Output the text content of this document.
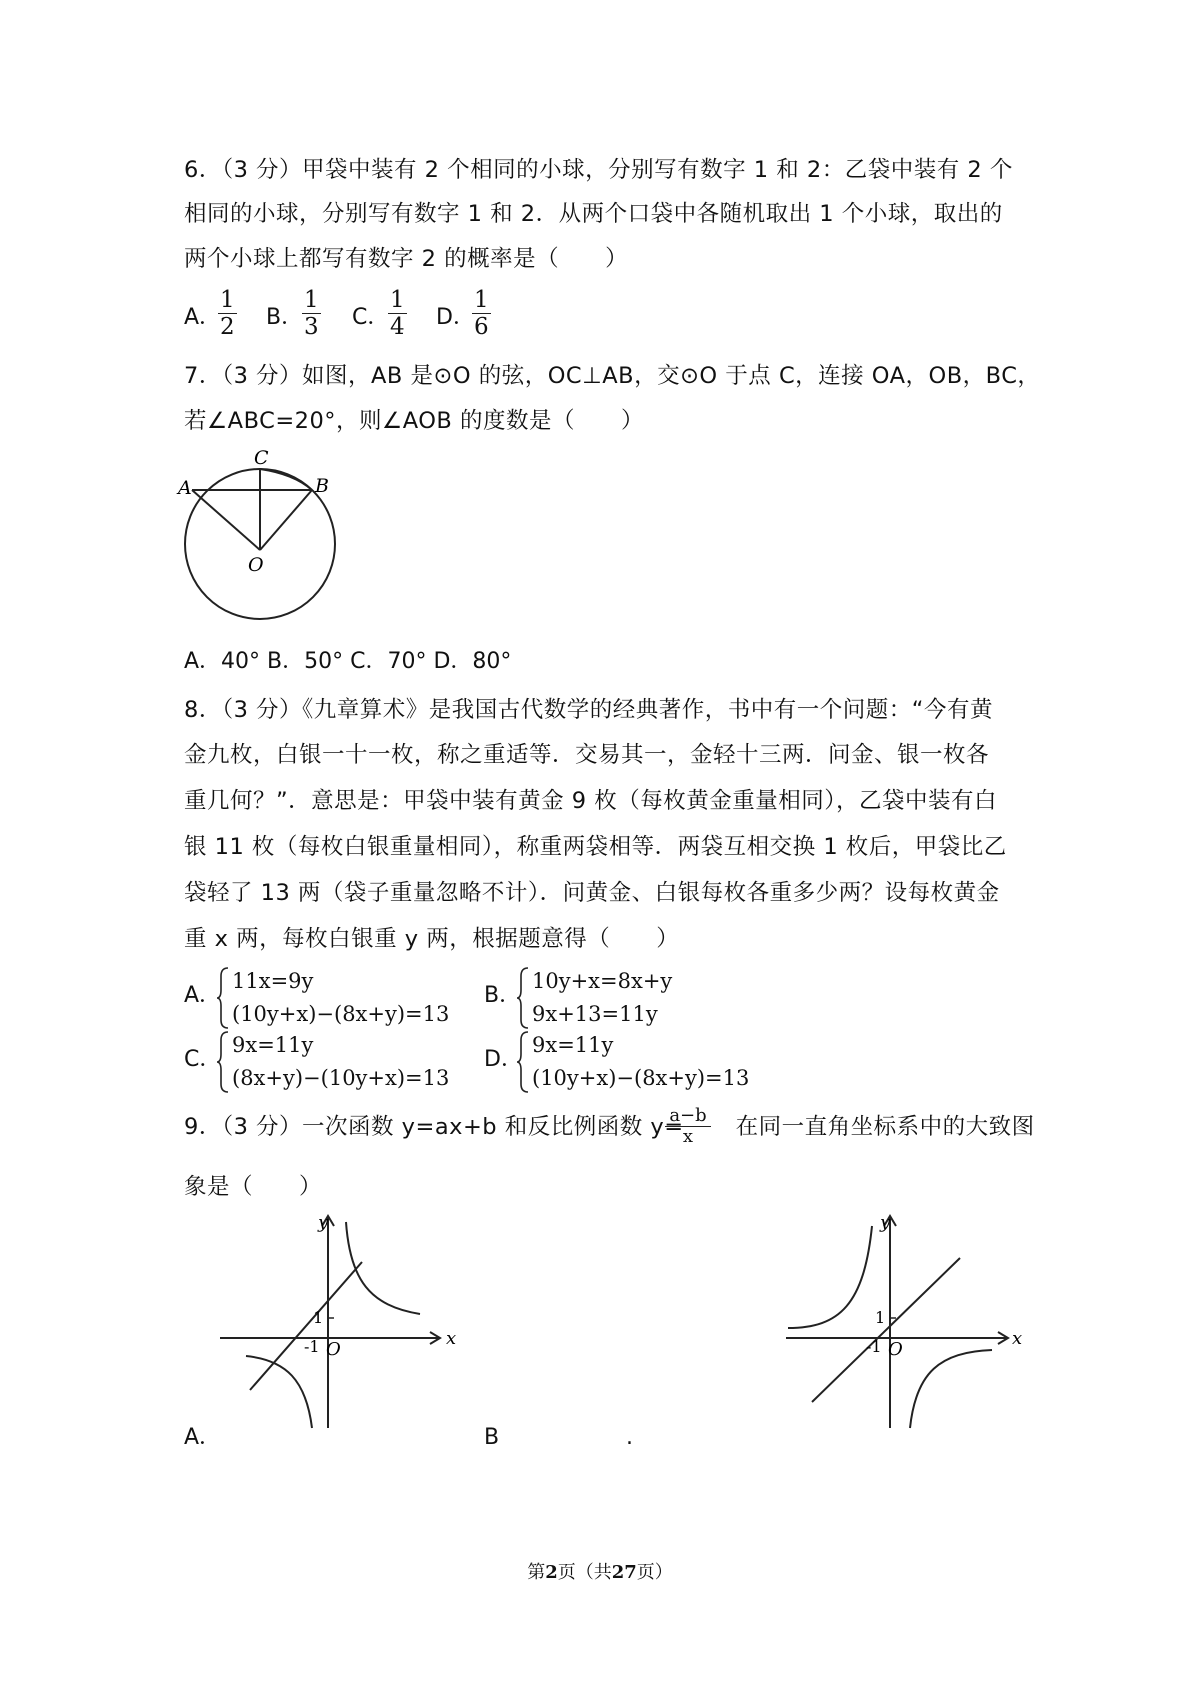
6．（3 分）甲袋中装有 2 个相同的小球，分别写有数字 1 和 2：乙袋中装有 2 个
相同的小球，分别写有数字 1 和 2．从两个口袋中各随机取出 1 个小球，取出的
两个小球上都写有数字 2 的概率是（　　）
A．
$\frac{1}{2}$ B．
$\frac{1}{3}$ C．
$\frac{1}{4}$ D．
$\frac{1}{6}$
7．（3 分）如图，AB 是⊙O 的弦，OC⊥AB，交⊙O 于点 C，连接 OA，OB，BC，
若∠ABC=20°，则∠AOB 的度数是（　　）
A
C
B
O
A．40° B．50° C．70° D．80°
8．（3 分）《九章算术》是我国古代数学的经典著作，书中有一个问题：“今有黄
金九枚，白银一十一枚，称之重适等．交易其一，金轻十三两．问金、银一枚各
重几何？”．意思是：甲袋中装有黄金 9 枚（每枚黄金重量相同），乙袋中装有白
银 11 枚（每枚白银重量相同），称重两袋相等．两袋互相交换 1 枚后，甲袋比乙
袋轻了 13 两（袋子重量忽略不计）．问黄金、白银每枚各重多少两？设每枚黄金
重 x 两，每枚白银重 y 两，根据题意得（　　）
A．
11x=9y
(10y+x)−(8x+y)=13
B．
10y+x=8x+y
9x+13=11y
C．
9x=11y
(8x+y)−(10y+x)=13
D．
9x=11y
(10y+x)−(8x+y)=13
9．（3 分）一次函数 y=ax+b 和反比例函数 y= 在同一直角坐标系中的大致图
$\frac{a-b}{x}$
象是（　　）
y
x
1
-1 O
A．
y
x
1
-1 O
B	.
第2页（共27页）
